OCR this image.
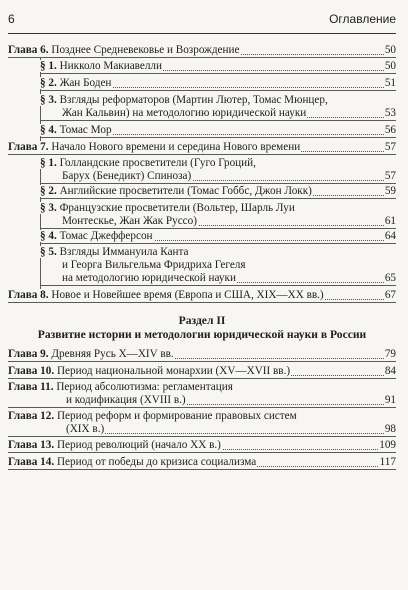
6	Оглавление
Глава 6. Позднее Средневековье и Возрождение	50
§ 1. Никколо Макиавелли	50
§ 2. Жан Боден	51
§ 3. Взгляды реформаторов (Мартин Лютер, Томас Мюнцер,
Жан Кальвин) на методологию юридической науки	53
§ 4. Томас Мор	56
Глава 7. Начало Нового времени и середина Нового времени	57
§ 1. Голландские просветители (Гуго Гроций,
Барух (Бенедикт) Спиноза)	57
§ 2. Английские просветители (Томас Гоббс, Джон Локк)	59
§ 3. Французские просветители (Вольтер, Шарль Луи
Монтескье, Жан Жак Руссо)	61
§ 4. Томас Джефферсон	64
§ 5. Взгляды Иммануила Канта
и Георга Вильгельма Фридриха Гегеля
на методологию юридической науки	65
Глава 8. Новое и Новейшее время (Европа и США, XIX—XX вв.)	67
Раздел II
Развитие истории и методологии юридической науки в России
Глава 9. Древняя Русь X—XIV вв.	79
Глава 10. Период национальной монархии (XV—XVII вв.)	84
Глава 11. Период абсолютизма: регламентация
и кодификация (XVIII в.)	91
Глава 12. Период реформ и формирование правовых систем
(XIX в.)	98
Глава 13. Период революций (начало XX в.)	109
Глава 14. Период от победы до кризиса социализма	117
